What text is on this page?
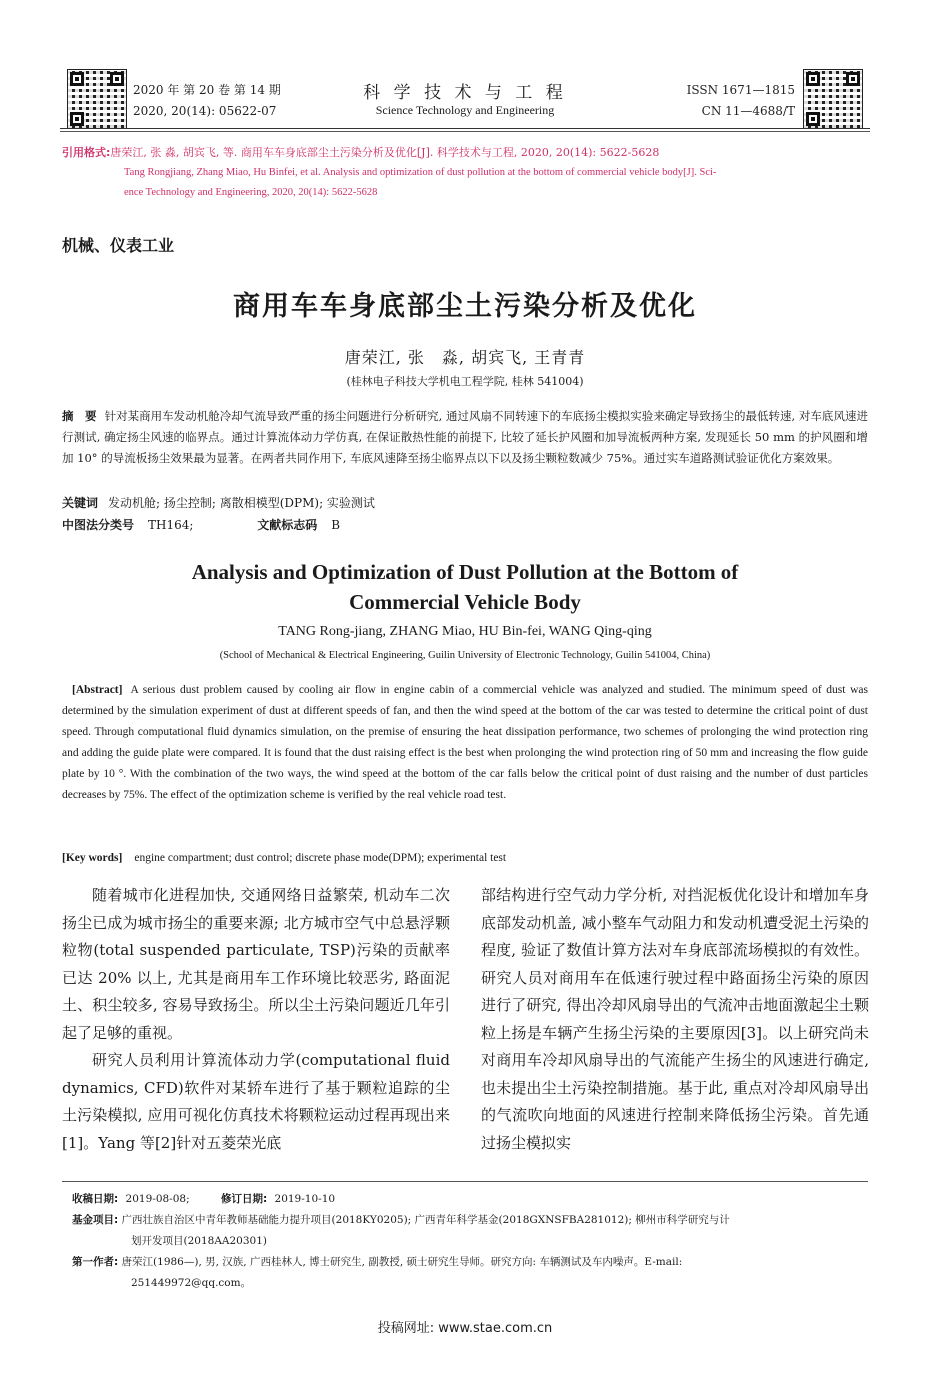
2020 年 第 20 卷 第 14 期
2020, 20(14): 05622-07
科 学 技 术 与 工 程
Science Technology and Engineering
ISSN 1671—1815
CN 11—4688/T
引用格式:唐荣江, 张 淼, 胡宾飞, 等. 商用车车身底部尘土污染分析及优化[J]. 科学技术与工程, 2020, 20(14): 5622-5628
Tang Rongjiang, Zhang Miao, Hu Binfei, et al. Analysis and optimization of dust pollution at the bottom of commercial vehicle body[J]. Sci-
ence Technology and Engineering, 2020, 20(14): 5622-5628
机械、仪表工业
商用车车身底部尘土污染分析及优化
唐荣江, 张　淼, 胡宾飞, 王青青
(桂林电子科技大学机电工程学院, 桂林 541004)
摘　要 针对某商用车发动机舱冷却气流导致严重的扬尘问题进行分析研究, 通过风扇不同转速下的车底扬尘模拟实验来确定导致扬尘的最低转速, 对车底风速进行测试, 确定扬尘风速的临界点。通过计算流体动力学仿真, 在保证散热性能的前提下, 比较了延长护风圈和加导流板两种方案, 发现延长 50 mm 的护风圈和增加 10° 的导流板扬尘效果最为显著。在两者共同作用下, 车底风速降至扬尘临界点以下以及扬尘颗粒数减少 75%。通过实车道路测试验证优化方案效果。
关键词 发动机舱; 扬尘控制; 离散相模型(DPM); 实验测试
中图法分类号 TH164;	文献标志码 B
Analysis and Optimization of Dust Pollution at the Bottom of
Commercial Vehicle Body
TANG Rong-jiang, ZHANG Miao, HU Bin-fei, WANG Qing-qing
(School of Mechanical & Electrical Engineering, Guilin University of Electronic Technology, Guilin 541004, China)
[Abstract] A serious dust problem caused by cooling air flow in engine cabin of a commercial vehicle was analyzed and studied. The minimum speed of dust was determined by the simulation experiment of dust at different speeds of fan, and then the wind speed at the bottom of the car was tested to determine the critical point of dust speed. Through computational fluid dynamics simulation, on the premise of ensuring the heat dissipation performance, two schemes of prolonging the wind protection ring and adding the guide plate were compared. It is found that the dust raising effect is the best when prolonging the wind protection ring of 50 mm and increasing the flow guide plate by 10 °. With the combination of the two ways, the wind speed at the bottom of the car falls below the critical point of dust raising and the number of dust particles decreases by 75%. The effect of the optimization scheme is verified by the real vehicle road test.
[Key words] engine compartment; dust control; discrete phase mode(DPM); experimental test

随着城市化进程加快, 交通网络日益繁荣, 机动车二次扬尘已成为城市扬尘的重要来源; 北方城市空气中总悬浮颗粒物(total suspended particulate, TSP)污染的贡献率已达 20% 以上, 尤其是商用车工作环境比较恶劣, 路面泥土、积尘较多, 容易导致扬尘。所以尘土污染问题近几年引起了足够的重视。

研究人员利用计算流体动力学(computational fluid dynamics, CFD)软件对某轿车进行了基于颗粒追踪的尘土污染模拟, 应用可视化仿真技术将颗粒运动过程再现出来[1]。Yang 等[2]针对五菱荣光底

部结构进行空气动力学分析, 对挡泥板优化设计和增加车身底部发动机盖, 减小整车气动阻力和发动机遭受泥土污染的程度, 验证了数值计算方法对车身底部流场模拟的有效性。研究人员对商用车在低速行驶过程中路面扬尘污染的原因进行了研究, 得出冷却风扇导出的气流冲击地面激起尘土颗粒上扬是车辆产生扬尘污染的主要原因[3]。以上研究尚未对商用车冷却风扇导出的气流能产生扬尘的风速进行确定, 也未提出尘土污染控制措施。基于此, 重点对冷却风扇导出的气流吹向地面的风速进行控制来降低扬尘污染。首先通过扬尘模拟实

收稿日期: 2019-08-08;	修订日期: 2019-10-10
基金项目: 广西壮族自治区中青年教师基础能力提升项目(2018KY0205); 广西青年科学基金(2018GXNSFBA281012); 柳州市科学研究与计
划开发项目(2018AA20301)
第一作者: 唐荣江(1986—), 男, 汉族, 广西桂林人, 博士研究生, 副教授, 硕士研究生导师。研究方向: 车辆测试及车内噪声。E-mail:
251449972@qq.com。
投稿网址: www.stae.com.cn
